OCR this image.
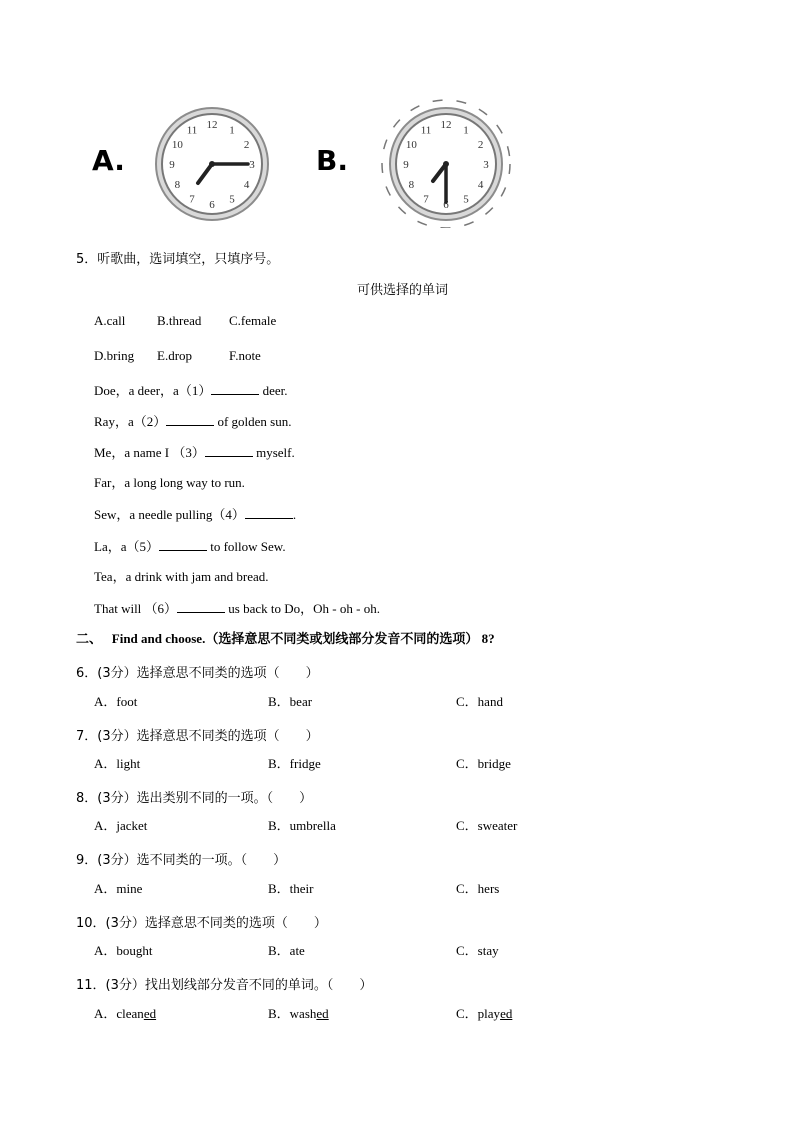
A.
12 1
2
3
4
5
6
7
8
9
10
11
B.
12 1
2
3
4
5
6
7
8
9
10
11
5．听歌曲，选词填空，只填序号。
可供选择的单词
A.call B.thread C.female
D.bring E.drop	F.note
Doe，a deer，a（1）	deer.
Ray，a（2）	of golden sun.
Me，a name I （3）	myself.
Far，a long long way to run.
Sew，a needle pulling（4）	.
La，a（5）	to follow Sew.
Tea，a drink with jam and bread.
That will （6）	us back to Do，Oh - oh - oh.
二、 Find and choose.（选择意思不同类或划线部分发音不同的选项） 8?
6．(3分）选择意思不同类的选项（　　）
A．foot	B．bear	C．hand
7．(3分）选择意思不同类的选项（　　）
A．light	B．fridge	C．bridge
8．(3分）选出类别不同的一项。（　　）
A．jacket	B．umbrella	C．sweater
9．(3分）选不同类的一项。（　　）
A．mine	B．their	C．hers
10．(3分）选择意思不同类的选项（　　）
A．bought	B．ate	C．stay
11．(3分）找出划线部分发音不同的单词。（　　）
A．cleaned	B．washed	C．played
